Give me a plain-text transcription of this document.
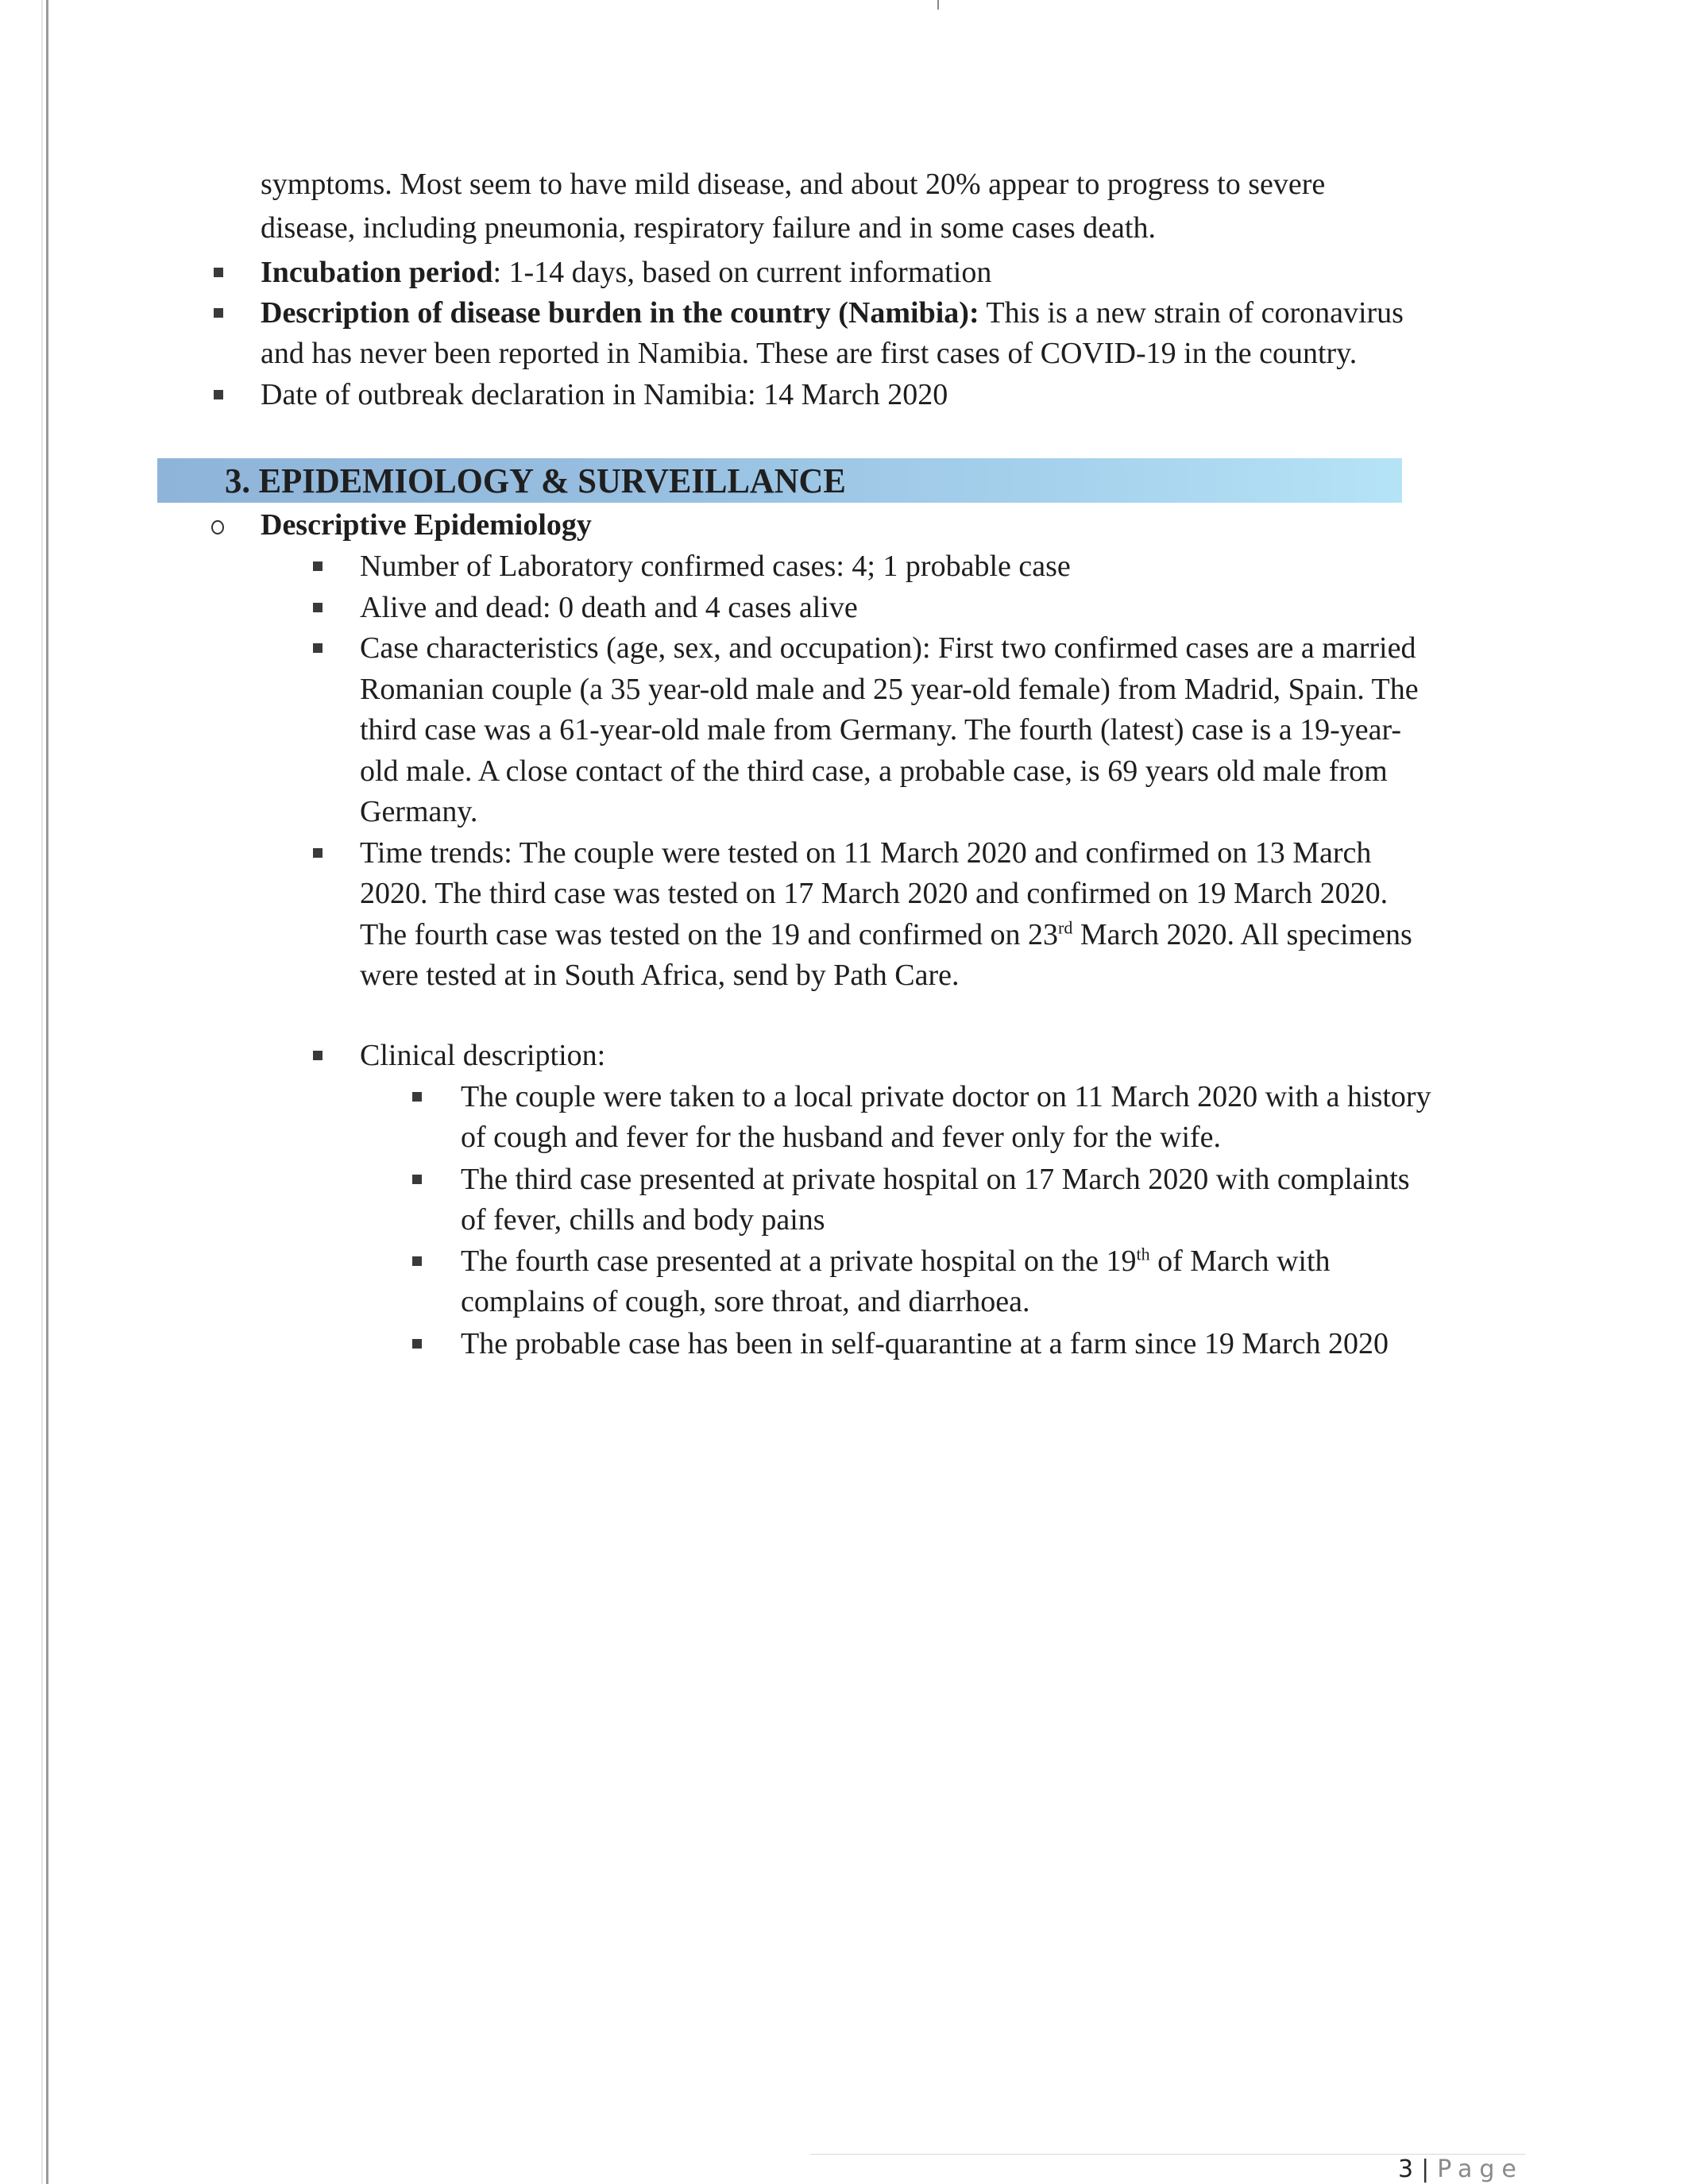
symptoms. Most seem to have mild disease, and about 20% appear to progress to severe
disease, including pneumonia, respiratory failure and in some cases death.
Incubation period: 1-14 days, based on current information
Description of disease burden in the country (Namibia): This is a new strain of coronavirus
and has never been reported in Namibia. These are first cases of COVID-19 in the country.
Date of outbreak declaration in Namibia: 14 March 2020
3. EPIDEMIOLOGY & SURVEILLANCE
Descriptive Epidemiology
Number of Laboratory confirmed cases: 4; 1 probable case
Alive and dead: 0 death and 4 cases alive
Case characteristics (age, sex, and occupation): First two confirmed cases are a married
Romanian couple (a 35 year-old male and 25 year-old female) from Madrid, Spain. The
third case was a 61-year-old male from Germany. The fourth (latest) case is a 19-year-
old male. A close contact of the third case, a probable case, is 69 years old male from
Germany.
Time trends: The couple were tested on 11 March 2020 and confirmed on 13 March
2020. The third case was tested on 17 March 2020 and confirmed on 19 March 2020.
The fourth case was tested on the 19 and confirmed on 23rd March 2020. All specimens
were tested at in South Africa, send by Path Care.
Clinical description:
The couple were taken to a local private doctor on 11 March 2020 with a history
of cough and fever for the husband and fever only for the wife.
The third case presented at private hospital on 17 March 2020 with complaints
of fever, chills and body pains
The fourth case presented at a private hospital on the 19th of March with
complains of cough, sore throat, and diarrhoea.
The probable case has been in self-quarantine at a farm since 19 March 2020
3 | Page
